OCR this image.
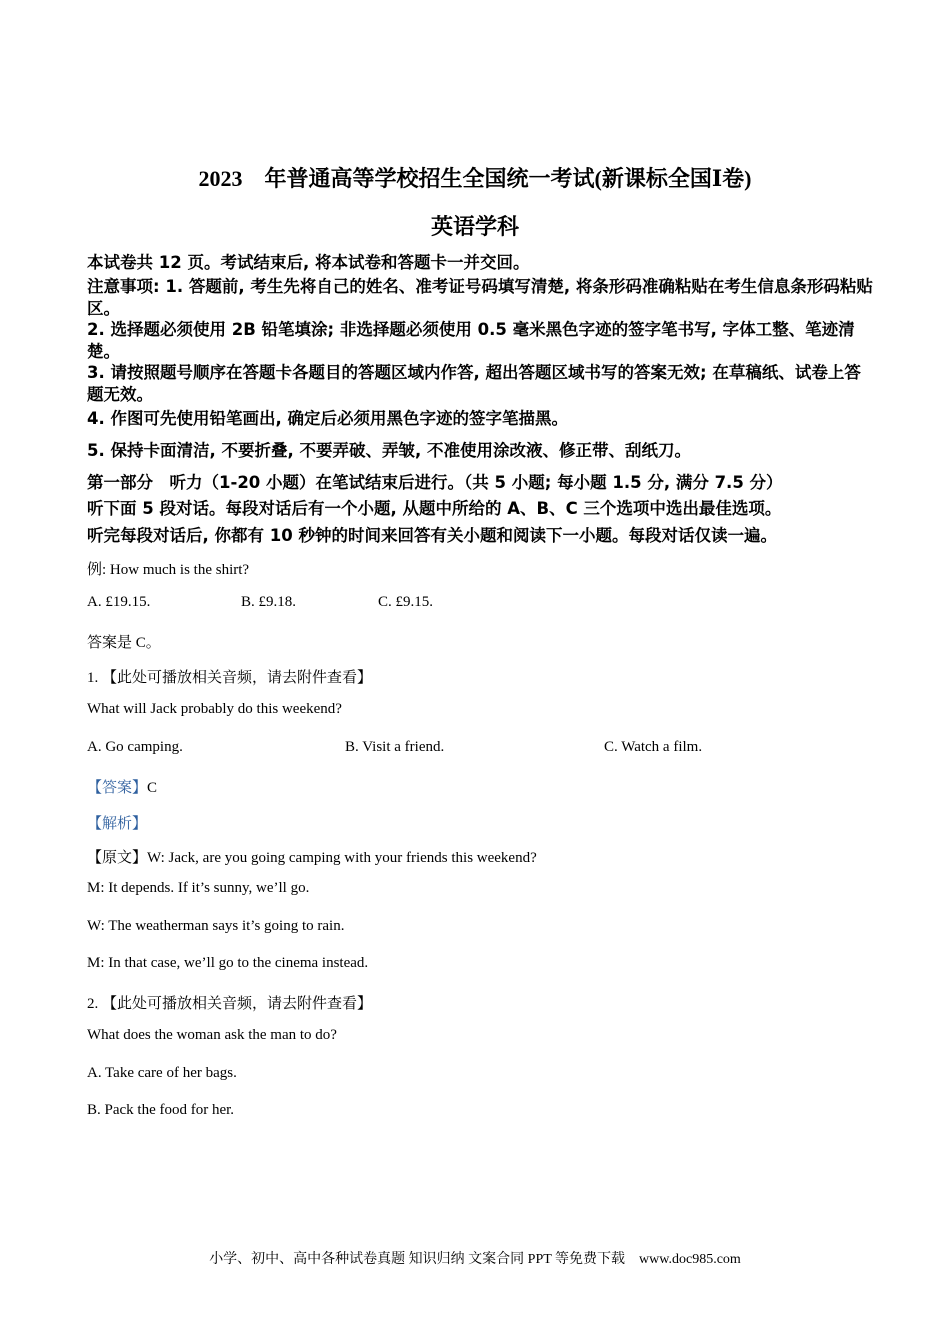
2023　年普通高等学校招生全国统一考试(新课标全国Ⅰ卷)
英语学科
本试卷共 12 页。考试结束后, 将本试卷和答题卡一并交回。
注意事项: 1. 答题前, 考生先将自己的姓名、准考证号码填写清楚, 将条形码准确粘贴在考生信息条形码粘贴区。
2. 选择题必须使用 2B 铅笔填涂; 非选择题必须使用 0.5 毫米黑色字迹的签字笔书写, 字体工整、笔迹清楚。
3. 请按照题号顺序在答题卡各题目的答题区域内作答, 超出答题区域书写的答案无效; 在草稿纸、试卷上答题无效。
4. 作图可先使用铅笔画出, 确定后必须用黑色字迹的签字笔描黑。
5. 保持卡面清洁, 不要折叠, 不要弄破、弄皱, 不准使用涂改液、修正带、刮纸刀。
第一部分　听力（1-20 小题）在笔试结束后进行。（共 5 小题; 每小题 1.5 分, 满分 7.5 分）
听下面 5 段对话。每段对话后有一个小题, 从题中所给的 A、B、C 三个选项中选出最佳选项。
听完每段对话后, 你都有 10 秒钟的时间来回答有关小题和阅读下一小题。每段对话仅读一遍。
例: How much is the shirt?
A. £19.15.	B. £9.18.	C. £9.15.
答案是 C。
1. 【此处可播放相关音频，请去附件查看】
What will Jack probably do this weekend?
A. Go camping.	B. Visit a friend.	C. Watch a film.
【答案】C
【解析】
【原文】W: Jack, are you going camping with your friends this weekend?
M: It depends. If it’s sunny, we’ll go.
W: The weatherman says it’s going to rain.
M: In that case, we’ll go to the cinema instead.
2. 【此处可播放相关音频，请去附件查看】
What does the woman ask the man to do?
A. Take care of her bags.
B. Pack the food for her.
小学、初中、高中各种试卷真题 知识归纳 文案合同 PPT 等免费下载　www.doc985.com
